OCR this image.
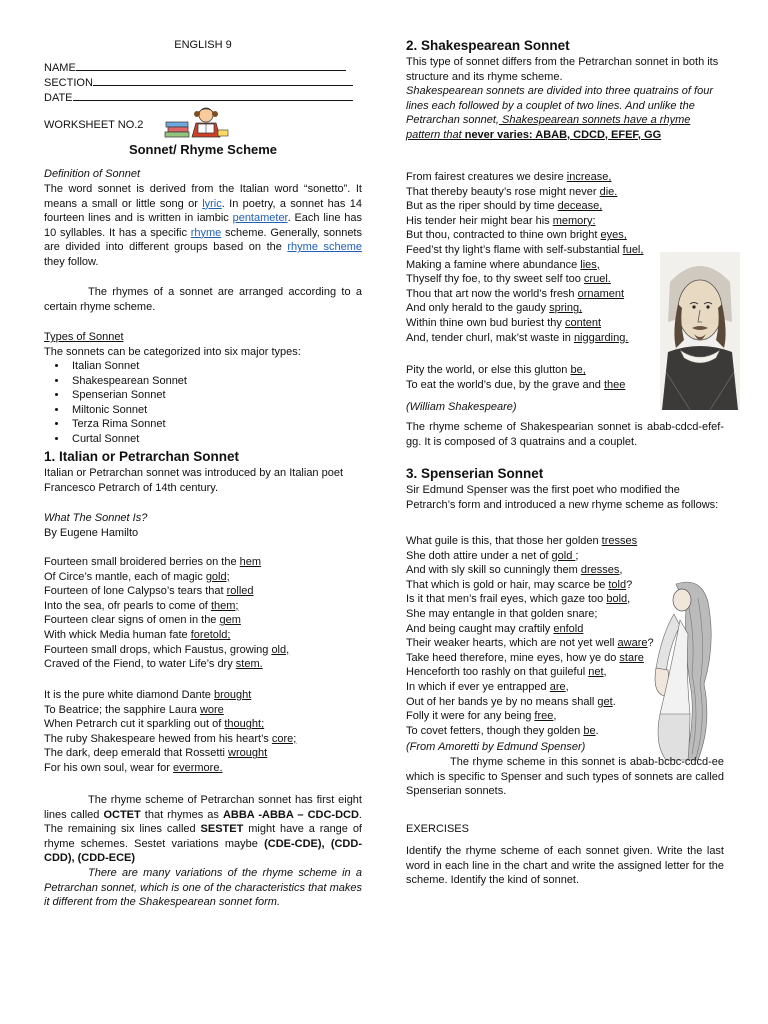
ENGLISH 9
NAME
SECTION
DATE
WORKSHEET NO.2
Sonnet/ Rhyme Scheme
Definition of Sonnet

The word sonnet is derived from the Italian word “sonetto”. It means a small or little song or lyric. In poetry, a sonnet has 14 fourteen lines and is written in iambic pentameter. Each line has 10 syllables. It has a specific rhyme scheme. Generally, sonnets are divided into different groups based on the rhyme scheme they follow.

The rhymes of a sonnet are arranged according to a certain rhyme scheme.

Types of Sonnet
The sonnets can be categorized into six major types:
• Italian Sonnet
• Shakespearean Sonnet
• Spenserian Sonnet
• Miltonic Sonnet
• Terza Rima Sonnet
• Curtal Sonnet
1. Italian or Petrarchan Sonnet

Italian or Petrarchan sonnet was introduced by an Italian poet Francesco Petrarch of 14th century.

What The Sonnet Is?
By Eugene Hamilto
Fourteen small broidered berries on the hem
Of Circe’s mantle, each of magic gold;
Fourteen of lone Calypso’s tears that rolled
Into the sea, ofr pearls to come of them;
Fourteen clear signs of omen in the gem
With whick Media human fate foretold;
Fourteen small drops, which Faustus, growing old,
Craved of the Fiend, to water Life’s dry stem.
It is the pure white diamond Dante brought
To Beatrice; the sapphire Laura wore
When Petrarch cut it sparkling out of thought;
The ruby Shakespeare hewed from his heart’s core;
The dark, deep emerald that Rossetti wrought
For his own soul, wear for evermore.

The rhyme scheme of Petrarchan sonnet has first eight lines called OCTET that rhymes as ABBA -ABBA – CDC-DCD. The remaining six lines called SESTET might have a range of rhyme schemes. Sestet variations maybe (CDE-CDE), (CDD-CDD), (CDD-ECE)

There are many variations of the rhyme scheme in a Petrarchan sonnet, which is one of the characteristics that makes it different from the Shakespearean sonnet form.

2. Shakespearean Sonnet

This type of sonnet differs from the Petrarchan sonnet in both its structure and its rhyme scheme.

Shakespearean sonnets are divided into three quatrains of four lines each followed by a couplet of two lines. And unlike the Petrarchan sonnet, Shakespearean sonnets have a rhyme pattern that never varies: ABAB, CDCD, EFEF, GG

From fairest creatures we desire increase,
That thereby beauty’s rose might never die.
But as the riper should by time decease,
His tender heir might bear his memory:
But thou, contracted to thine own bright eyes,
Feed’st thy light’s flame with self-substantial fuel,
Making a famine where abundance lies,
Thyself thy foe, to thy sweet self too cruel.
Thou that art now the world’s fresh ornament
And only herald to the gaudy spring,
Within thine own bud buriest thy content
And, tender churl, mak’st waste in niggarding.
Pity the world, or else this glutton be,
To eat the world’s due, by the grave and thee
(William Shakespeare)

The rhyme scheme of Shakespearian sonnet is abab-cdcd-efef-gg. It is composed of 3 quatrains and a couplet.

3. Spenserian Sonnet

Sir Edmund Spenser was the first poet who modified the Petrarch’s form and introduced a new rhyme scheme as follows:

What guile is this, that those her golden tresses
She doth attire under a net of gold ;
And with sly skill so cunningly them dresses,
That which is gold or hair, may scarce be told?
Is it that men’s frail eyes, which gaze too bold,
She may entangle in that golden snare;
And being caught may craftily enfold
Their weaker hearts, which are not yet well aware?
Take heed therefore, mine eyes, how ye do stare
Henceforth too rashly on that guileful net,
In which if ever ye entrapped are,
Out of her bands ye by no means shall get.
Folly it were for any being free,
To covet fetters, though they golden be.
(From Amoretti by Edmund Spenser)

The rhyme scheme in this sonnet is abab-bcbc-cdcd-ee which is specific to Spenser and such types of sonnets are called Spenserian sonnets.

EXERCISES

Identify the rhyme scheme of each sonnet given. Write the last word in each line in the chart and write the assigned letter for the scheme. Identify the kind of sonnet.
